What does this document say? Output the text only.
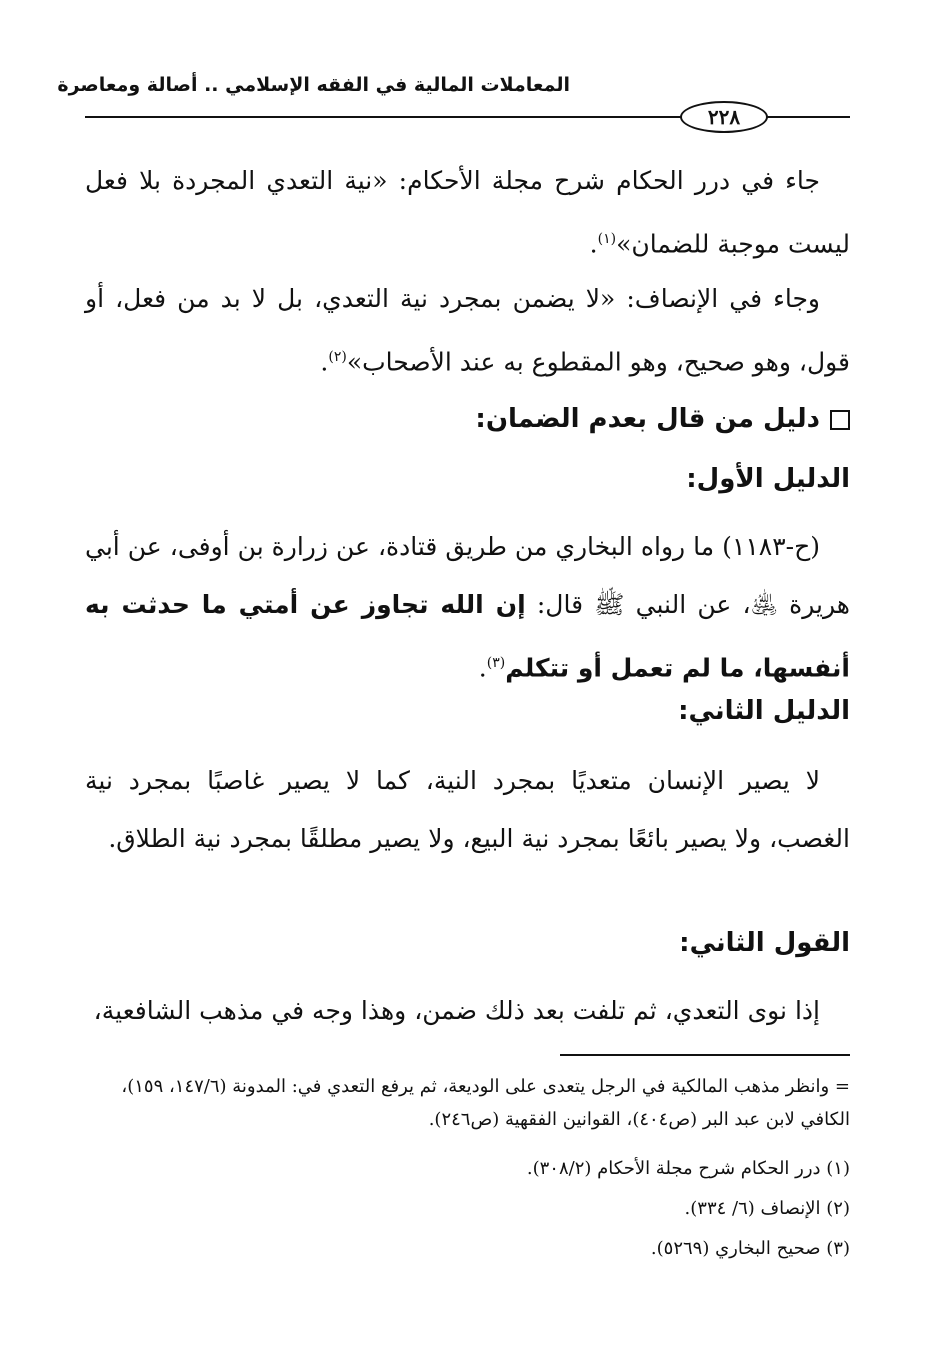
المعاملات المالية في الفقه الإسلامي .. أصالة ومعاصرة
٢٢٨
جاء في درر الحكام شرح مجلة الأحكام: «نية التعدي المجردة بلا فعل ليست موجبة للضمان»$^{(١)}$.
وجاء في الإنصاف: «لا يضمن بمجرد نية التعدي، بل لا بد من فعل، أو قول، وهو صحيح، وهو المقطوع به عند الأصحاب»$^{(٢)}$.
دليل من قال بعدم الضمان:
الدليل الأول:
(ح-١١٨٣) ما رواه البخاري من طريق قتادة، عن زرارة بن أوفى، عن أبي هريرة ﵁، عن النبي ﷺ قال: إن الله تجاوز عن أمتي ما حدثت به أنفسها، ما لم تعمل أو تتكلم$^{(٣)}$.
الدليل الثاني:
لا يصير الإنسان متعديًا بمجرد النية، كما لا يصير غاصبًا بمجرد نية الغصب، ولا يصير بائعًا بمجرد نية البيع، ولا يصير مطلقًا بمجرد نية الطلاق.
القول الثاني:
إذا نوى التعدي، ثم تلفت بعد ذلك ضمن، وهذا وجه في مذهب الشافعية،
= وانظر مذهب المالكية في الرجل يتعدى على الوديعة، ثم يرفع التعدي في: المدونة (١٤٧/٦، ١٥٩)، الكافي لابن عبد البر (ص٤٠٤)، القوانين الفقهية (ص٢٤٦).
(١) درر الحكام شرح مجلة الأحكام (٣٠٨/٢).
(٢) الإنصاف (٦/ ٣٣٤).
(٣) صحيح البخاري (٥٢٦٩).
